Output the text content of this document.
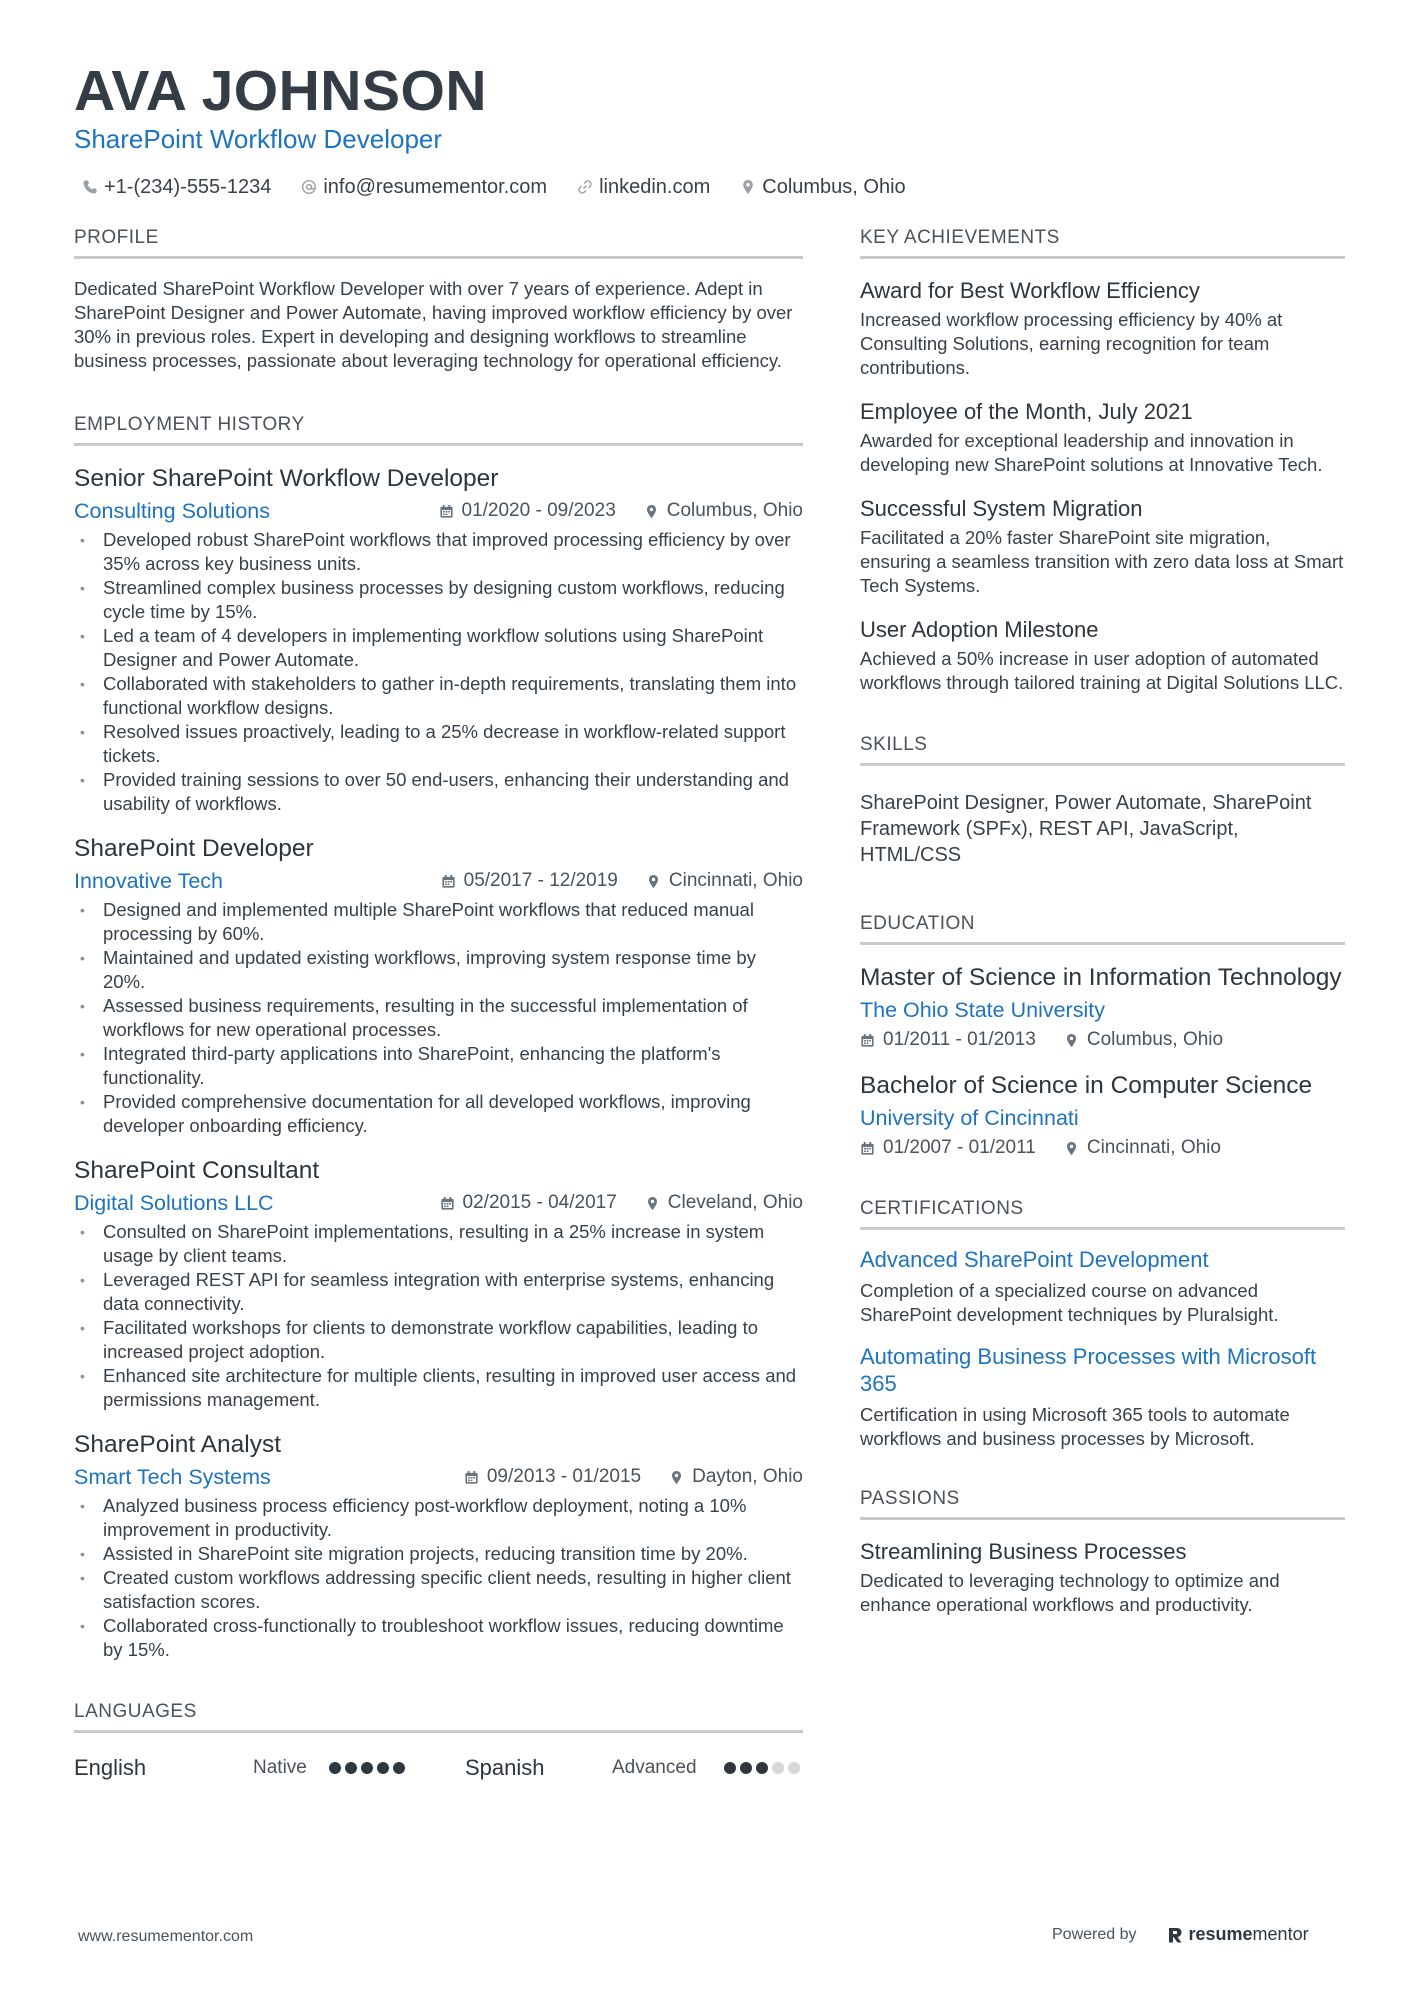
AVA JOHNSON
SharePoint Workflow Developer
+1-(234)-555-1234	info@resumementor.com	linkedin.com	Columbus, Ohio
PROFILE
Dedicated SharePoint Workflow Developer with over 7 years of experience. Adept in SharePoint Designer and Power Automate, having improved workflow efficiency by over 30% in previous roles. Expert in developing and designing workflows to streamline business processes, passionate about leveraging technology for operational efficiency.
EMPLOYMENT HISTORY
Senior SharePoint Workflow Developer
Consulting Solutions	01/2020 - 09/2023	Columbus, Ohio
• Developed robust SharePoint workflows that improved processing efficiency by over 35% across key business units.
• Streamlined complex business processes by designing custom workflows, reducing cycle time by 15%.
• Led a team of 4 developers in implementing workflow solutions using SharePoint Designer and Power Automate.
• Collaborated with stakeholders to gather in-depth requirements, translating them into functional workflow designs.
• Resolved issues proactively, leading to a 25% decrease in workflow-related support tickets.
• Provided training sessions to over 50 end-users, enhancing their understanding and usability of workflows.
SharePoint Developer
Innovative Tech	05/2017 - 12/2019	Cincinnati, Ohio
• Designed and implemented multiple SharePoint workflows that reduced manual processing by 60%.
• Maintained and updated existing workflows, improving system response time by 20%.
• Assessed business requirements, resulting in the successful implementation of workflows for new operational processes.
• Integrated third-party applications into SharePoint, enhancing the platform's functionality.
• Provided comprehensive documentation for all developed workflows, improving developer onboarding efficiency.
SharePoint Consultant
Digital Solutions LLC	02/2015 - 04/2017	Cleveland, Ohio
• Consulted on SharePoint implementations, resulting in a 25% increase in system usage by client teams.
• Leveraged REST API for seamless integration with enterprise systems, enhancing data connectivity.
• Facilitated workshops for clients to demonstrate workflow capabilities, leading to increased project adoption.
• Enhanced site architecture for multiple clients, resulting in improved user access and permissions management.
SharePoint Analyst
Smart Tech Systems	09/2013 - 01/2015	Dayton, Ohio
• Analyzed business process efficiency post-workflow deployment, noting a 10% improvement in productivity.
• Assisted in SharePoint site migration projects, reducing transition time by 20%.
• Created custom workflows addressing specific client needs, resulting in higher client satisfaction scores.
• Collaborated cross-functionally to troubleshoot workflow issues, reducing downtime by 15%.
LANGUAGES
English	Native	Spanish	Advanced
KEY ACHIEVEMENTS
Award for Best Workflow Efficiency
Increased workflow processing efficiency by 40% at Consulting Solutions, earning recognition for team contributions.
Employee of the Month, July 2021
Awarded for exceptional leadership and innovation in developing new SharePoint solutions at Innovative Tech.
Successful System Migration
Facilitated a 20% faster SharePoint site migration, ensuring a seamless transition with zero data loss at Smart Tech Systems.
User Adoption Milestone
Achieved a 50% increase in user adoption of automated workflows through tailored training at Digital Solutions LLC.
SKILLS
SharePoint Designer, Power Automate, SharePoint Framework (SPFx), REST API, JavaScript, HTML/CSS
EDUCATION
Master of Science in Information Technology
The Ohio State University
01/2011 - 01/2013	Columbus, Ohio
Bachelor of Science in Computer Science
University of Cincinnati
01/2007 - 01/2011	Cincinnati, Ohio
CERTIFICATIONS
Advanced SharePoint Development
Completion of a specialized course on advanced SharePoint development techniques by Pluralsight.
Automating Business Processes with Microsoft 365
Certification in using Microsoft 365 tools to automate workflows and business processes by Microsoft.
PASSIONS
Streamlining Business Processes
Dedicated to leveraging technology to optimize and enhance operational workflows and productivity.
www.resumementor.com	Powered by	resumementor
